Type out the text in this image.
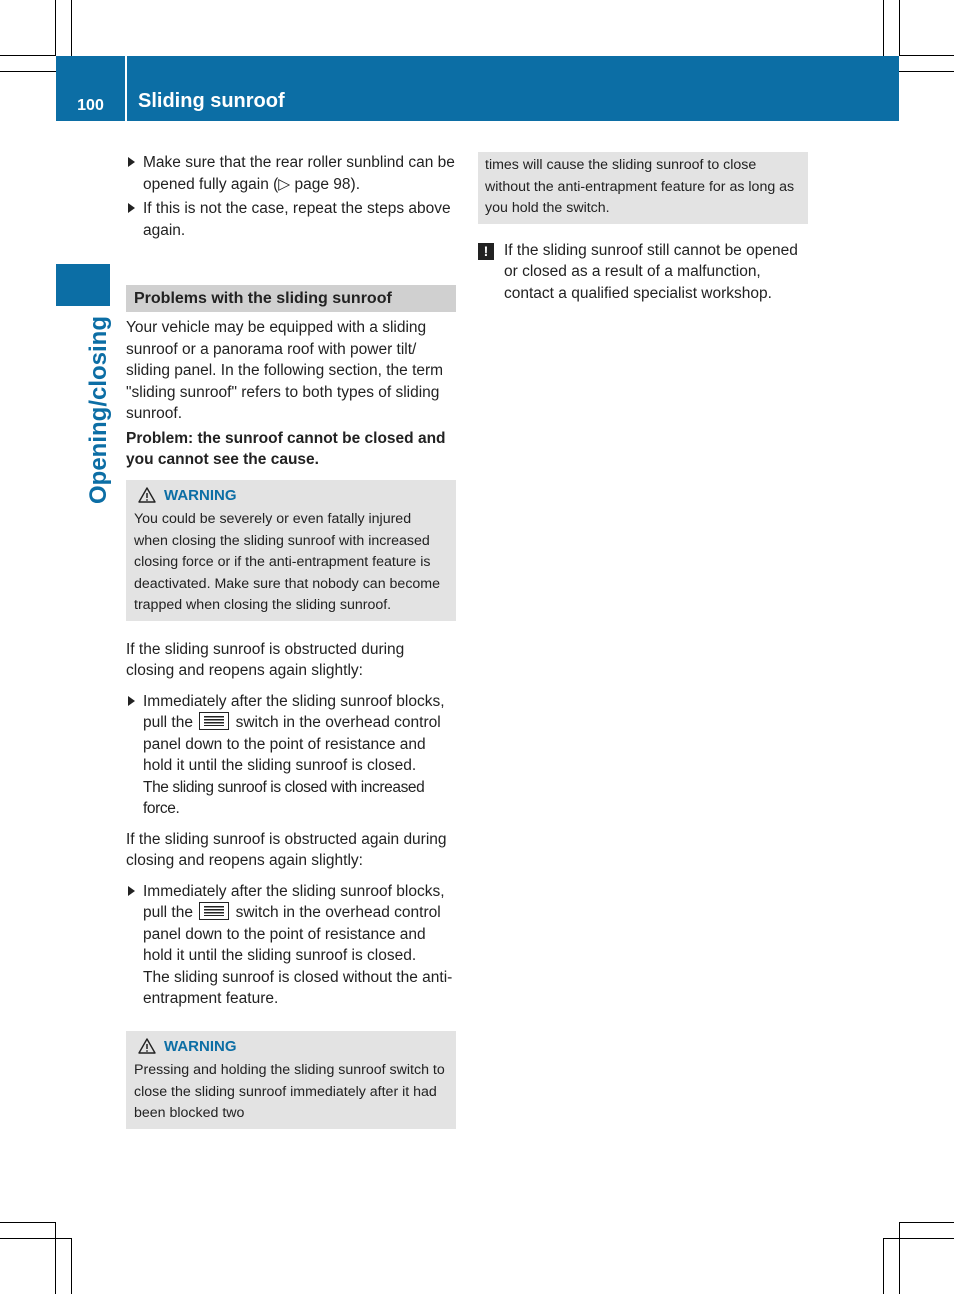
100	Sliding sunroof
Opening/closing
Make sure that the rear roller sunblind can be opened fully again (▷ page 98).
If this is not the case, repeat the steps above again.
Problems with the sliding sunroof

Your vehicle may be equipped with a sliding sunroof or a panorama roof with power tilt/ sliding panel. In the following section, the term "sliding sunroof" refers to both types of sliding sunroof.

Problem: the sunroof cannot be closed and you cannot see the cause.

WARNING
You could be severely or even fatally injured when closing the sliding sunroof with increased closing force or if the anti-entrapment feature is deactivated. Make sure that nobody can become trapped when closing the sliding sunroof.

If the sliding sunroof is obstructed during closing and reopens again slightly:

Immediately after the sliding sunroof blocks, pull the	switch in the overhead control panel down to the point of resistance and hold it until the sliding sunroof is closed.
The sliding sunroof is closed with increased force.

If the sliding sunroof is obstructed again during closing and reopens again slightly:

Immediately after the sliding sunroof blocks, pull the	switch in the overhead control panel down to the point of resistance and hold it until the sliding sunroof is closed.
The sliding sunroof is closed without the anti-entrapment feature.
WARNING
Pressing and holding the sliding sunroof switch to close the sliding sunroof immediately after it had been blocked two
times will cause the sliding sunroof to close without the anti-entrapment feature for as long as you hold the switch.
!	If the sliding sunroof still cannot be opened or closed as a result of a malfunction, contact a qualified specialist workshop.
